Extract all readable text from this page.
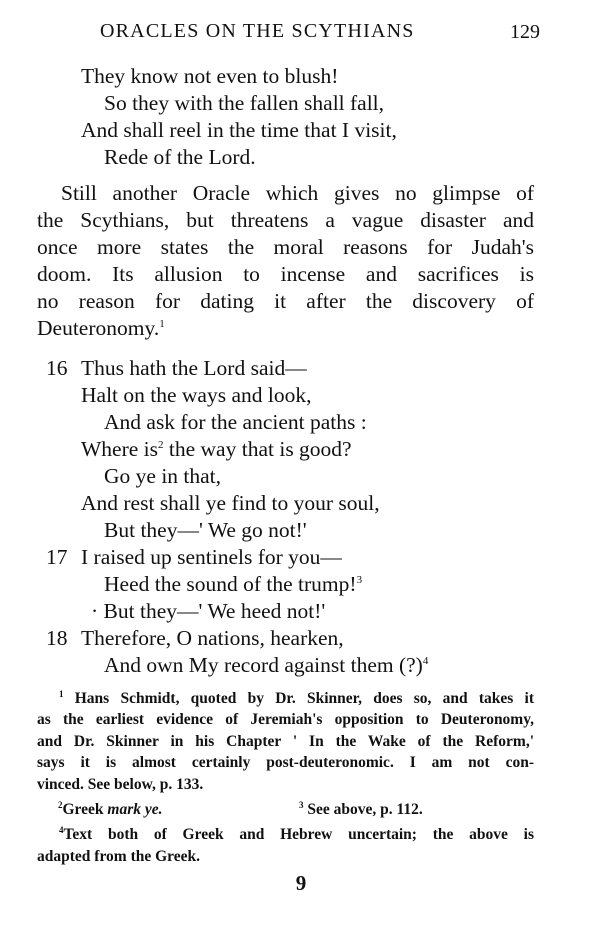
ORACLES ON THE SCYTHIANS	129
They know not even to blush!
So they with the fallen shall fall,
And shall reel in the time that I visit,
Rede of the Lord.
Still another Oracle which gives no glimpse of
the Scythians, but threatens a vague disaster and
once more states the moral reasons for Judah's
doom. Its allusion to incense and sacrifices is
no reason for dating it after the discovery of
Deuteronomy.$^1$
16 Thus hath the Lord said—
Halt on the ways and look,
And ask for the ancient paths :
Where $is^2$ the way that is good?
Go ye in that,
And rest shall ye find to your soul,
But they—' We go not!'
17 I raised up sentinels for you—
Heed the sound of the trump!$^3$
· But they—' We heed not!'
18 Therefore, O nations, hearken,
And own My record against them (?)$^4$
$^1$ Hans Schmidt, quoted by Dr. Skinner, does so, and takes it
as the earliest evidence of Jeremiah's opposition to Deuteronomy,
and Dr. Skinner in his Chapter ' In the Wake of the Reform,'
says it is almost certainly post-deuteronomic. I am not con-
vinced. See below, p. 133.
$^2$Greek mark ye.	$^3$ See above, p. 112.
$^4$Text both of Greek and Hebrew uncertain; the above is
adapted from the Greek.
9
